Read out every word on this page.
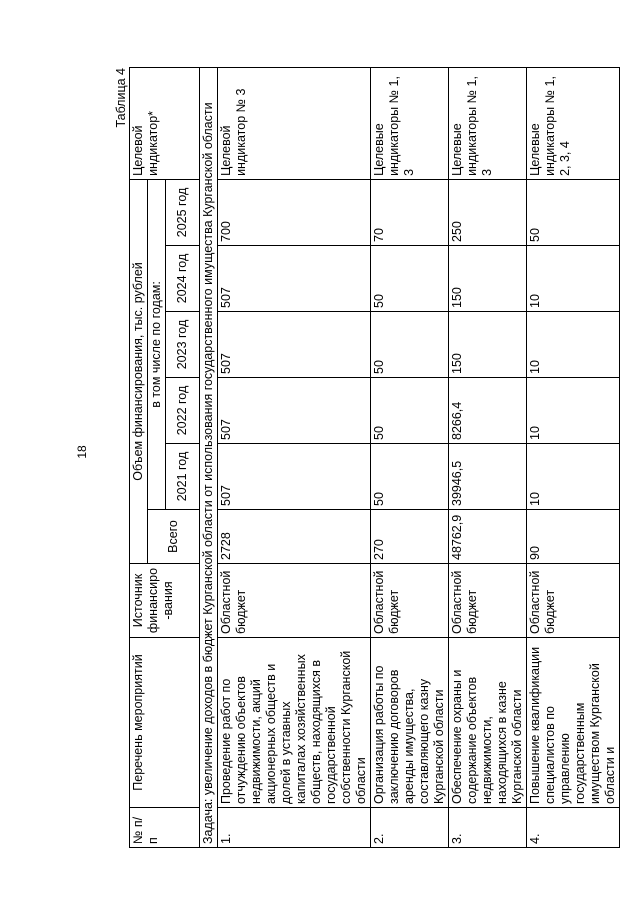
18
Таблица 4
№ п/п	Перечень мероприятий	Источник финансиро-вания	Объем финансирования, тыс. рублей						Целевой индикатор*
			Всего	в том числе по годам:					
				2021 год	2022 год	2023 год	2024 год	2025 год	
Задача: увеличение доходов в бюджет Курганской области от использования государственного имущества Курганской области									
1.	Проведение работ по отчуждению объектов недвижимости, акций акционерных обществ и долей в уставных капиталах хозяйственных обществ, находящихся в государственной собственности Курганской области	Областной бюджет	2728	507	507	507	507	700	Целевой индикатор № 3
2.	Организация работы по заключению договоров аренды имущества, составляющего казну Курганской области	Областной бюджет	270	50	50	50	50	70	Целевые индикаторы № 1, 3
3.	Обеспечение охраны и содержание объектов недвижимости, находящихся в казне Курганской области	Областной бюджет	48762,9	39946,5	8266,4	150	150	250	Целевые индикаторы № 1, 3
4.	Повышение квалификации специалистов по управлению государственным имуществом Курганской области и	Областной бюджет	90	10	10	10	10	50	Целевые индикаторы № 1, 2, 3, 4
